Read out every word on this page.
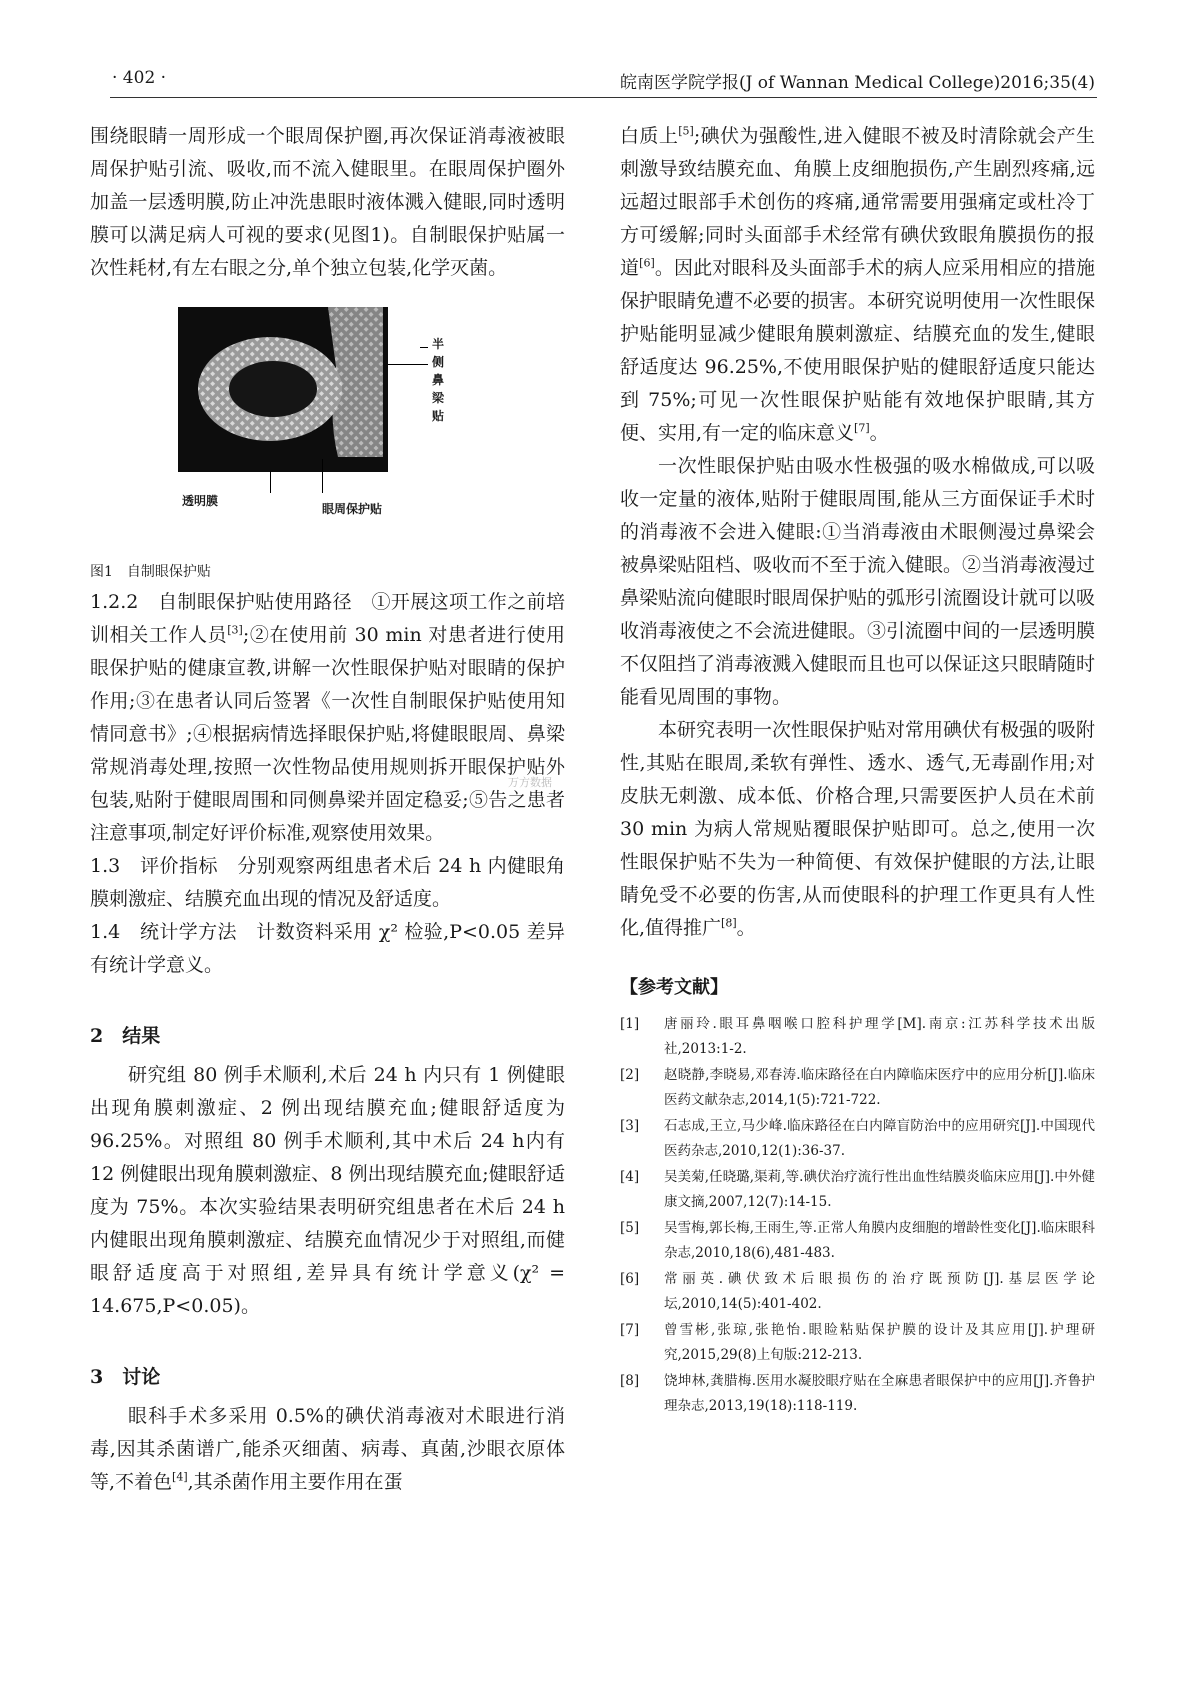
· 402 ·	皖南医学院学报(J of Wannan Medical College)2016;35(4)

围绕眼睛一周形成一个眼周保护圈,再次保证消毒液被眼周保护贴引流、吸收,而不流入健眼里。在眼周保护圈外加盖一层透明膜,防止冲洗患眼时液体溅入健眼,同时透明膜可以满足病人可视的要求(见图1)。自制眼保护贴属一次性耗材,有左右眼之分,单个独立包装,化学灭菌。

半
侧
鼻
梁
贴
透明膜
眼周保护贴

图1　自制眼保护贴

1.2.2　自制眼保护贴使用路径　①开展这项工作之前培训相关工作人员[3];②在使用前 30 min 对患者进行使用眼保护贴的健康宣教,讲解一次性眼保护贴对眼睛的保护作用;③在患者认同后签署《一次性自制眼保护贴使用知情同意书》;④根据病情选择眼保护贴,将健眼眼周、鼻梁常规消毒处理,按照一次性物品使用规则拆开眼保护贴外包装,贴附于健眼周围和同侧鼻梁并固定稳妥;⑤告之患者注意事项,制定好评价标准,观察使用效果。

1.3　评价指标　分别观察两组患者术后 24 h 内健眼角膜刺激症、结膜充血出现的情况及舒适度。

1.4　统计学方法　计数资料采用 χ² 检验,P<0.05 差异有统计学意义。

2　结果

研究组 80 例手术顺利,术后 24 h 内只有 1 例健眼出现角膜刺激症、2 例出现结膜充血;健眼舒适度为 96.25%。对照组 80 例手术顺利,其中术后 24 h内有 12 例健眼出现角膜刺激症、8 例出现结膜充血;健眼舒适度为 75%。本次实验结果表明研究组患者在术后 24 h 内健眼出现角膜刺激症、结膜充血情况少于对照组,而健眼舒适度高于对照组,差异具有统计学意义(χ² = 14.675,P<0.05)。

3　讨论

眼科手术多采用 0.5%的碘伏消毒液对术眼进行消毒,因其杀菌谱广,能杀灭细菌、病毒、真菌,沙眼衣原体等,不着色[4],其杀菌作用主要作用在蛋

白质上[5];碘伏为强酸性,进入健眼不被及时清除就会产生刺激导致结膜充血、角膜上皮细胞损伤,产生剧烈疼痛,远远超过眼部手术创伤的疼痛,通常需要用强痛定或杜冷丁方可缓解;同时头面部手术经常有碘伏致眼角膜损伤的报道[6]。因此对眼科及头面部手术的病人应采用相应的措施保护眼睛免遭不必要的损害。本研究说明使用一次性眼保护贴能明显减少健眼角膜刺激症、结膜充血的发生,健眼舒适度达 96.25%,不使用眼保护贴的健眼舒适度只能达到 75%;可见一次性眼保护贴能有效地保护眼睛,其方便、实用,有一定的临床意义[7]。

一次性眼保护贴由吸水性极强的吸水棉做成,可以吸收一定量的液体,贴附于健眼周围,能从三方面保证手术时的消毒液不会进入健眼:①当消毒液由术眼侧漫过鼻梁会被鼻梁贴阻档、吸收而不至于流入健眼。②当消毒液漫过鼻梁贴流向健眼时眼周保护贴的弧形引流圈设计就可以吸收消毒液使之不会流进健眼。③引流圈中间的一层透明膜不仅阻挡了消毒液溅入健眼而且也可以保证这只眼睛随时能看见周围的事物。

本研究表明一次性眼保护贴对常用碘伏有极强的吸附性,其贴在眼周,柔软有弹性、透水、透气,无毒副作用;对皮肤无刺激、成本低、价格合理,只需要医护人员在术前 30 min 为病人常规贴覆眼保护贴即可。总之,使用一次性眼保护贴不失为一种简便、有效保护健眼的方法,让眼睛免受不必要的伤害,从而使眼科的护理工作更具有人性化,值得推广[8]。

【参考文献】
[1]	唐丽玲.眼耳鼻咽喉口腔科护理学[M].南京:江苏科学技术出版社,2013:1-2.
[2]	赵晓静,李晓易,邓春涛.临床路径在白内障临床医疗中的应用分析[J].临床医药文献杂志,2014,1(5):721-722.
[3]	石志成,王立,马少峰.临床路径在白内障盲防治中的应用研究[J].中国现代医药杂志,2010,12(1):36-37.
[4]	吴美菊,任晓璐,渠莉,等.碘伏治疗流行性出血性结膜炎临床应用[J].中外健康文摘,2007,12(7):14-15.
[5]	吴雪梅,郭长梅,王雨生,等.正常人角膜内皮细胞的增龄性变化[J].临床眼科杂志,2010,18(6),481-483.
[6]	常丽英.碘伏致术后眼损伤的治疗既预防[J].基层医学论坛,2010,14(5):401-402.
[7]	曾雪彬,张琼,张艳怡.眼睑粘贴保护膜的设计及其应用[J].护理研究,2015,29(8)上旬版:212-213.
[8]	饶坤林,龚腊梅.医用水凝胶眼疗贴在全麻患者眼保护中的应用[J].齐鲁护理杂志,2013,19(18):118-119.
万方数据
